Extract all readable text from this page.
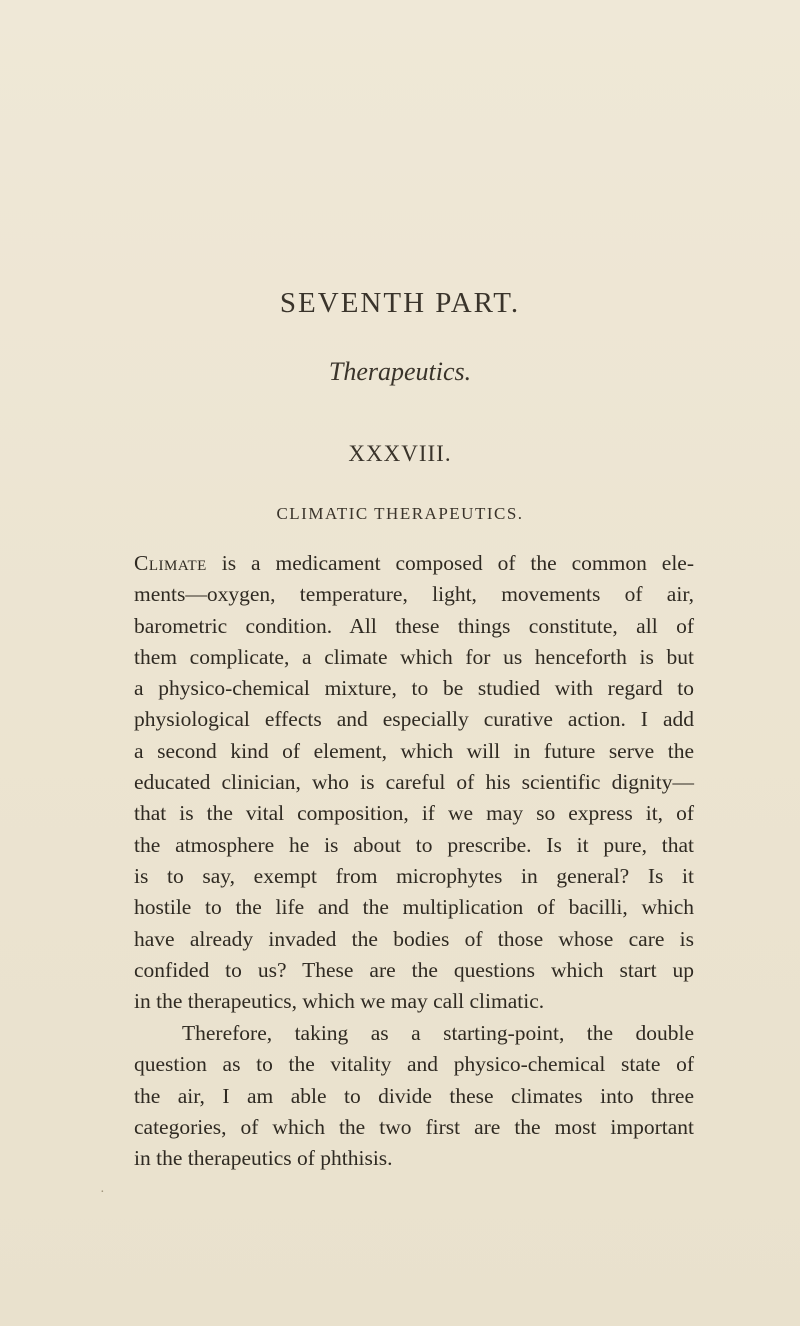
SEVENTH PART.
Therapeutics.
XXXVIII.
CLIMATIC THERAPEUTICS.
Climate is a medicament composed of the common ele-
ments—oxygen, temperature, light, movements of air,
barometric condition. All these things constitute, all of
them complicate, a climate which for us henceforth is but
a physico-chemical mixture, to be studied with regard to
physiological effects and especially curative action. I add
a second kind of element, which will in future serve the
educated clinician, who is careful of his scientific dignity—
that is the vital composition, if we may so express it, of
the atmosphere he is about to prescribe. Is it pure, that
is to say, exempt from microphytes in general? Is it
hostile to the life and the multiplication of bacilli, which
have already invaded the bodies of those whose care is
confided to us? These are the questions which start up
in the therapeutics, which we may call climatic.
Therefore, taking as a starting-point, the double
question as to the vitality and physico-chemical state of
the air, I am able to divide these climates into three
categories, of which the two first are the most important
in the therapeutics of phthisis.
·
